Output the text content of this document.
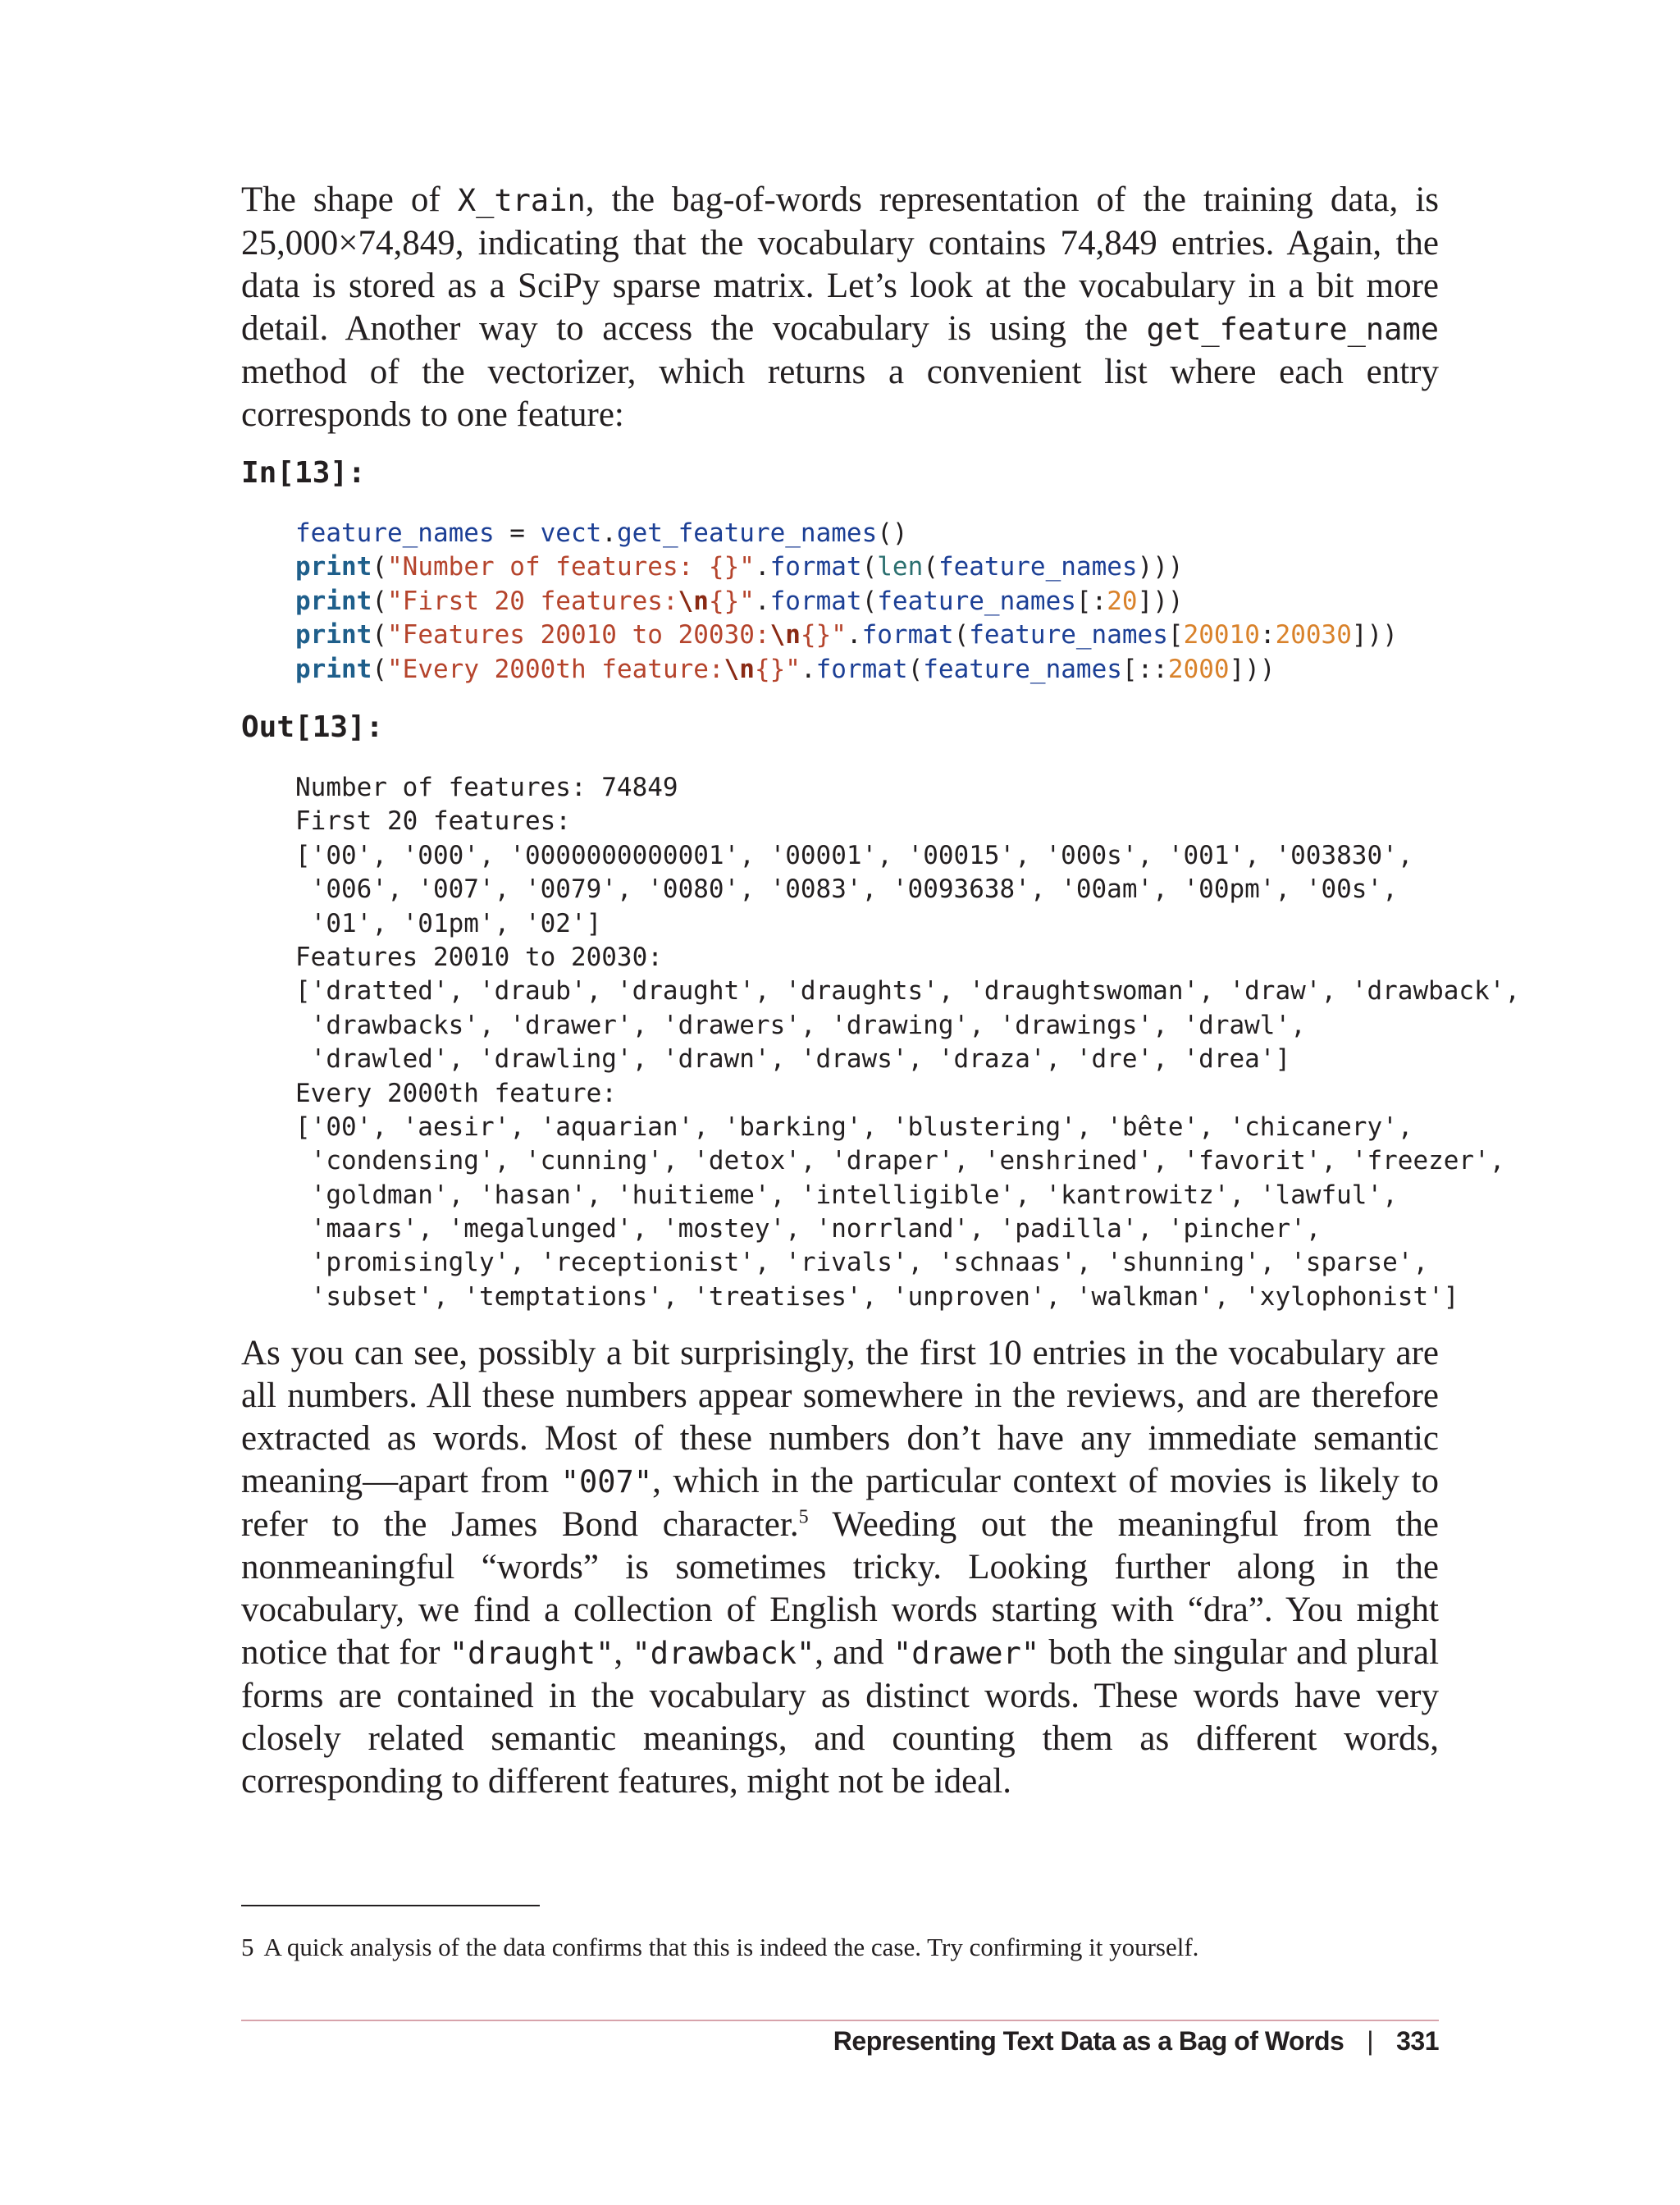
The shape of X_train, the bag-of-words representation of the training data, is 25,000×74,849, indicating that the vocabulary contains 74,849 entries. Again, the data is stored as a SciPy sparse matrix. Let’s look at the vocabulary in a bit more detail. Another way to access the vocabulary is using the get_feature_name method of the vectorizer, which returns a convenient list where each entry corresponds to one feature:
In[13]:
feature_names = vect.get_feature_names()
print("Number of features: {}".format(len(feature_names)))
print("First 20 features:\n{}".format(feature_names[:20]))
print("Features 20010 to 20030:\n{}".format(feature_names[20010:20030]))
print("Every 2000th feature:\n{}".format(feature_names[::2000]))
Out[13]:
Number of features: 74849
First 20 features:
['00', '000', '0000000000001', '00001', '00015', '000s', '001', '003830',
'006', '007', '0079', '0080', '0083', '0093638', '00am', '00pm', '00s',
'01', '01pm', '02']
Features 20010 to 20030:
['dratted', 'draub', 'draught', 'draughts', 'draughtswoman', 'draw', 'drawback',
'drawbacks', 'drawer', 'drawers', 'drawing', 'drawings', 'drawl',
'drawled', 'drawling', 'drawn', 'draws', 'draza', 'dre', 'drea']
Every 2000th feature:
['00', 'aesir', 'aquarian', 'barking', 'blustering', 'bête', 'chicanery',
'condensing', 'cunning', 'detox', 'draper', 'enshrined', 'favorit', 'freezer',
'goldman', 'hasan', 'huitieme', 'intelligible', 'kantrowitz', 'lawful',
'maars', 'megalunged', 'mostey', 'norrland', 'padilla', 'pincher',
'promisingly', 'receptionist', 'rivals', 'schnaas', 'shunning', 'sparse',
'subset', 'temptations', 'treatises', 'unproven', 'walkman', 'xylophonist']
As you can see, possibly a bit surprisingly, the first 10 entries in the vocabulary are all numbers. All these numbers appear somewhere in the reviews, and are therefore extracted as words. Most of these numbers don’t have any immediate semantic meaning—apart from "007", which in the particular context of movies is likely to refer to the James Bond character.$^5$ Weeding out the meaningful from the nonmeaningful “words” is sometimes tricky. Looking further along in the vocabulary, we find a collection of English words starting with “dra”. You might notice that for "draught", "drawback", and "drawer" both the singular and plural forms are contained in the vocabulary as distinct words. These words have very closely related semantic meanings, and counting them as different words, corresponding to different features, might not be ideal.
5 A quick analysis of the data confirms that this is indeed the case. Try confirming it yourself.
Representing Text Data as a Bag of Words | 331
